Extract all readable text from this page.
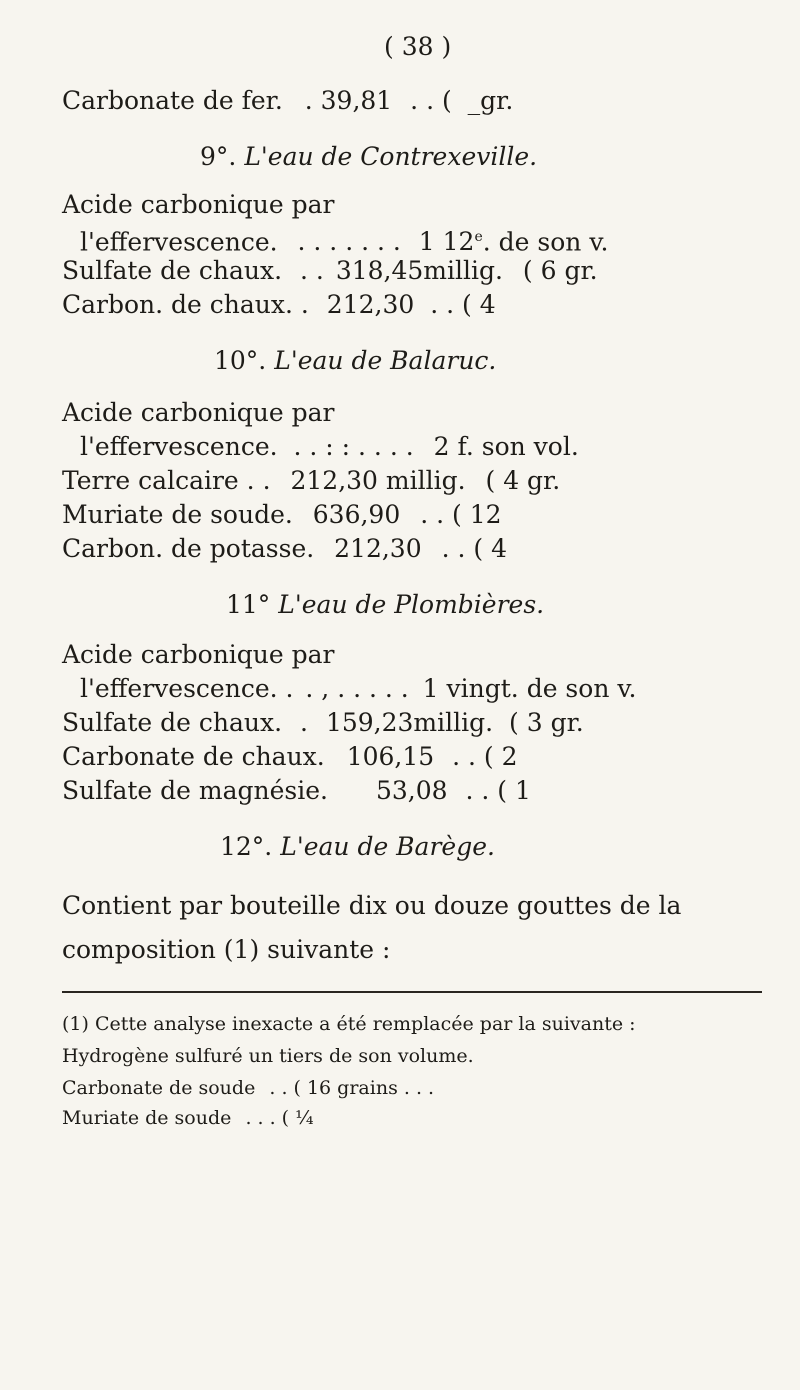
( 38 )
Carbonate de fer. . 39,81 . . ( _gr.
9°. L'eau de Contrexeville.
Acide carbonique par
l'effervescence. . . . . . . . 1 12e. de son v.
Sulfate de chaux. . . 318,45millig. ( 6 gr.
Carbon. de chaux. . 212,30 . . ( 4
10°. L'eau de Balaruc.
Acide carbonique par
l'effervescence. . . : : . . . . 2 f. son vol.
Terre calcaire . . 212,30 millig. ( 4 gr.
Muriate de soude. 636,90 . . ( 12
Carbon. de potasse. 212,30 . . ( 4
11° L'eau de Plombières.
Acide carbonique par
l'effervescence. . . , . . . . . 1 vingt. de son v.
Sulfate de chaux. . 159,23millig. ( 3 gr.
Carbonate de chaux. 106,15 . . ( 2
Sulfate de magnésie. 53,08 . . ( 1
12°. L'eau de Barège.
Contient par bouteille dix ou douze gouttes de la composition (1) suivante :
(1) Cette analyse inexacte a été remplacée par la suivante :
Hydrogène sulfuré un tiers de son volume.
Carbonate de soude . . ( 16 grains . . .
Muriate de soude . . . ( ¼
